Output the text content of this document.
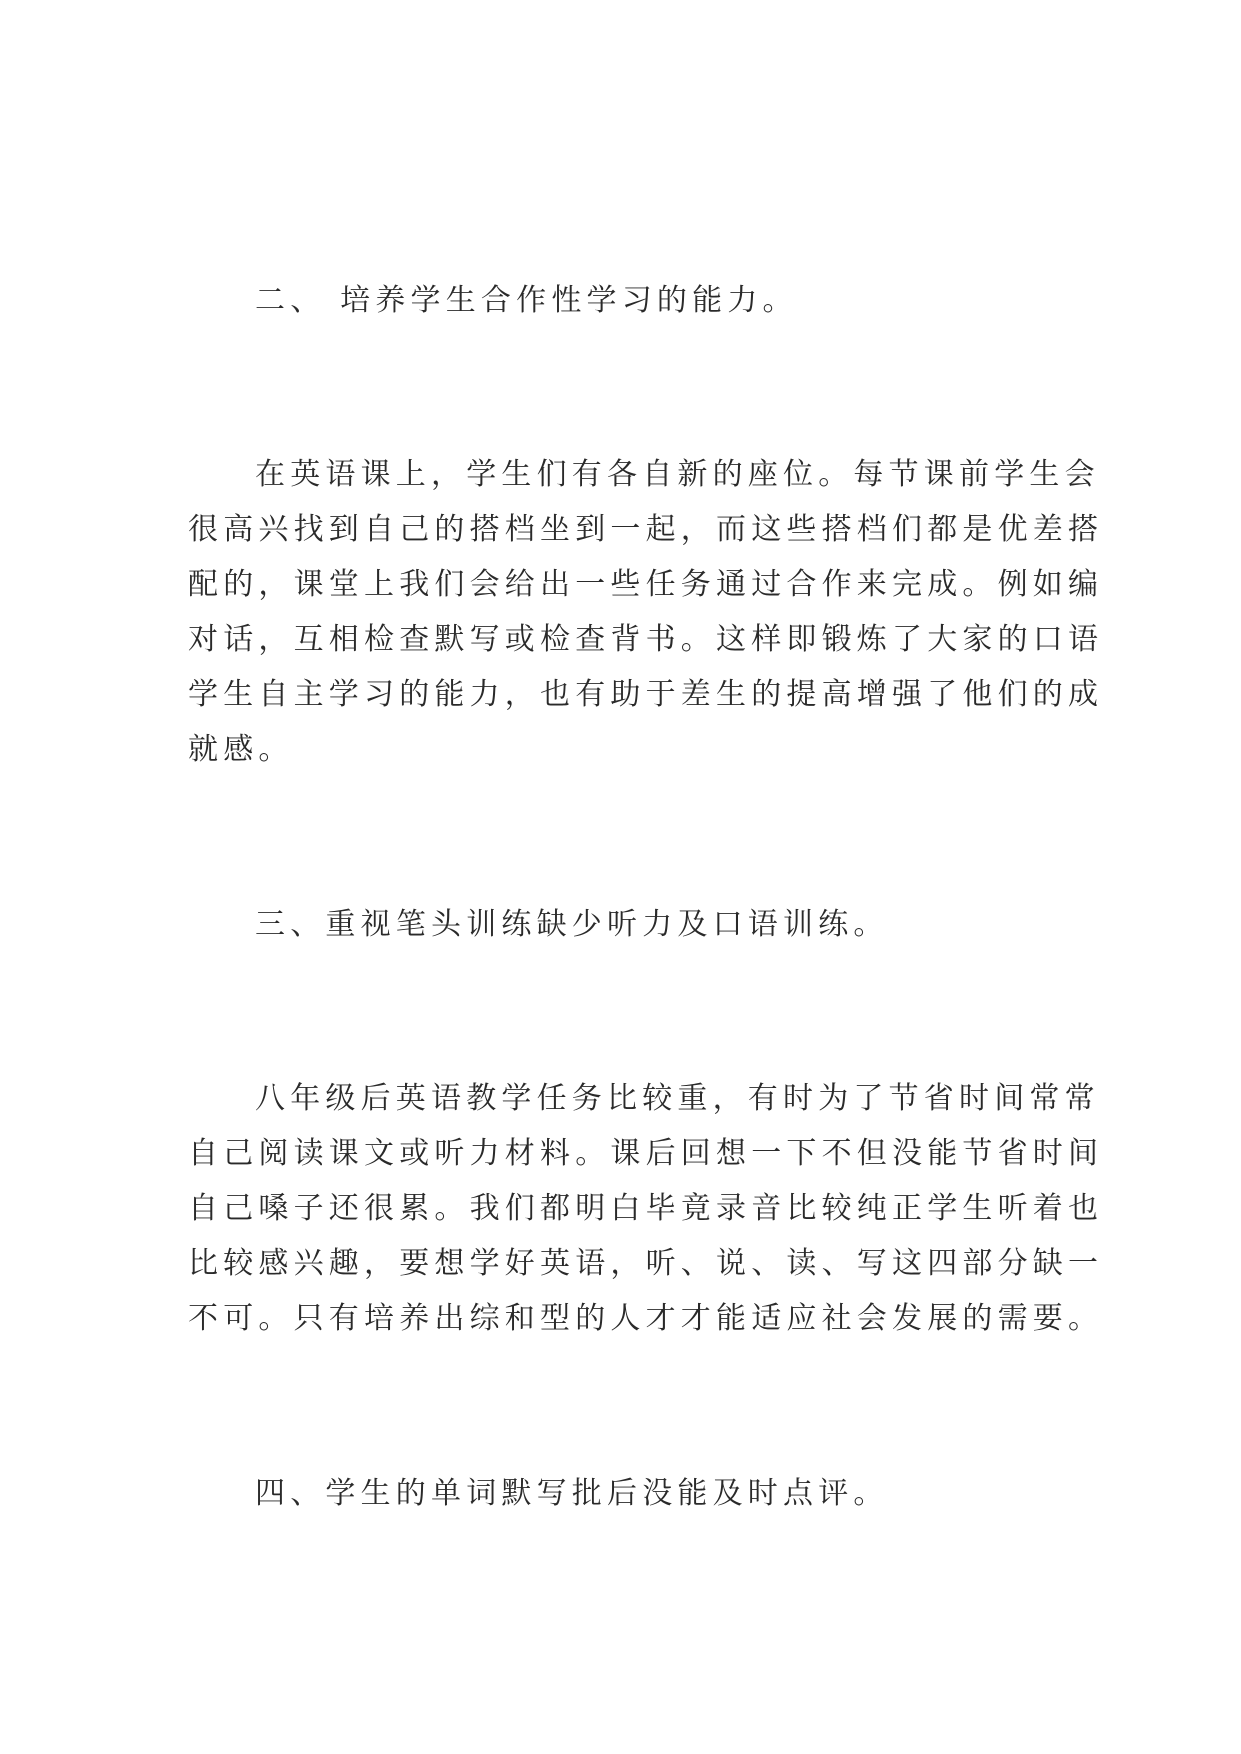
二、 培养学生合作性学习的能力。
在英语课上，学生们有各自新的座位。每节课前学生会
很高兴找到自己的搭档坐到一起，而这些搭档们都是优差搭
配的，课堂上我们会给出一些任务通过合作来完成。例如编
对话，互相检查默写或检查背书。这样即锻炼了大家的口语
学生自主学习的能力，也有助于差生的提高增强了他们的成
就感。
三、重视笔头训练缺少听力及口语训练。
八年级后英语教学任务比较重，有时为了节省时间常常
自己阅读课文或听力材料。课后回想一下不但没能节省时间
自己嗓子还很累。我们都明白毕竟录音比较纯正学生听着也
比较感兴趣，要想学好英语，听、说、读、写这四部分缺一
不可。只有培养出综和型的人才才能适应社会发展的需要。
四、学生的单词默写批后没能及时点评。
